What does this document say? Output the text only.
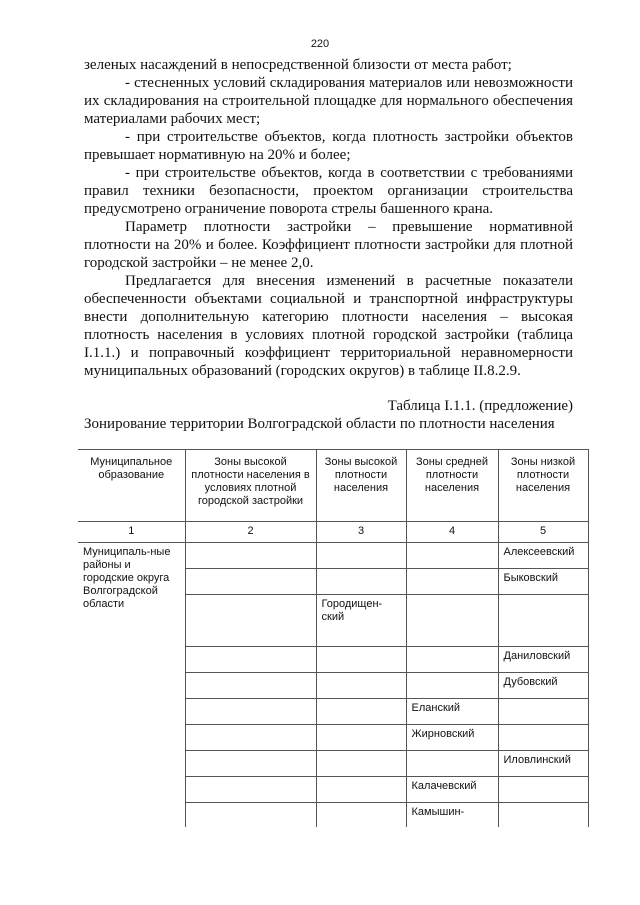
220

зеленых насаждений в непосредственной близости от места работ;

- стесненных условий складирования материалов или невозможности их складирования на строительной площадке для нормального обеспечения материалами рабочих мест;

- при строительстве объектов, когда плотность застройки объектов превышает нормативную на 20% и более;

- при строительстве объектов, когда в соответствии с требованиями правил техники безопасности, проектом организации строительства предусмотрено ограничение поворота стрелы башенного крана.

Параметр плотности застройки – превышение нормативной плотности на 20% и более. Коэффициент плотности застройки для плотной городской застройки – не менее 2,0.

Предлагается для внесения изменений в расчетные показатели обеспеченности объектами социальной и транспортной инфраструктуры внести дополнительную категорию плотности населения – высокая плотность населения в условиях плотной городской застройки (таблица I.1.1.) и поправочный коэффициент территориальной неравномерности муниципальных образований (городских округов) в таблице II.8.2.9.

Таблица I.1.1. (предложение)
Зонирование территории Волгоградской области по плотности населения
Муниципальное образование	Зоны высокой плотности населения в условиях плотной городской застройки	Зоны высокой плотности населения	Зоны средней плотности населения	Зоны низкой плотности населения
1	2	3	4	5
Муниципаль-ные районы и городские округа Волгоградской области				Алексеевский
				Быковский
		Городищен-ский		
				Даниловский
				Дубовский
			Еланский	
			Жирновский	
				Иловлинский
			Калачевский	
			Камышин-	
